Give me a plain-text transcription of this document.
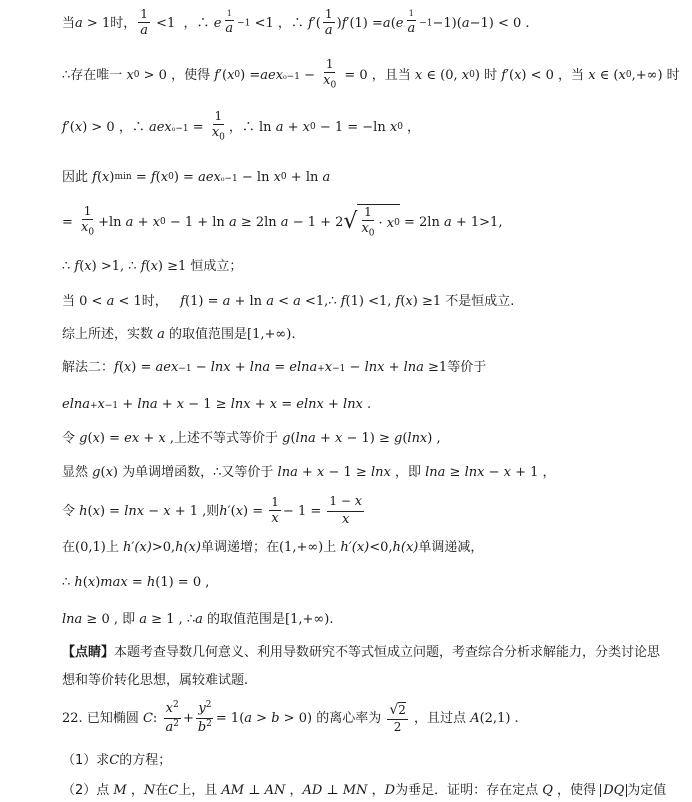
当 a > 1 时， $\frac{1}{a} <1$  ，∴ e $\frac{1}{a} -1 <1$ ，∴ f ′( $\frac{1}{a}$ ) f ′(1) = a ( e $\frac{1}{a} -1 -1$)( a −1) < 0 .
∴ 存在唯一
x 0 > 0 ， 使得
f ′( x 0 ) = a e $x_0-1 - \frac{1}{x_0} = 0$ ， 且当
x ∈ (0, x 0 ) 时
f ′( x ) < 0 ， 当
x ∈ ( x 0 ,+∞) 时
f ′( x ) > 0 ，∴ a e $x_0-1 = \frac{1}{x_0}$ ，∴ ln a + x 0 − 1 = −ln x 0 ，
因此
f ( x ) min = f ( x 0 ) = a e x₀−1 − ln x 0 + ln a
= $\frac{1}{x_0} +\ln$ a + x 0 − 1 + ln a ≥ 2ln a − 1 + 2 √ $\frac{1}{x_0} \cdot x$ 0 = 2ln a + 1>1,
∴ f ( x ) >1, ∴ f ( x ) ≥1 恒成立；
当 0 < a < 1 时，
f (1) = a + ln a < a <1,∴ f (1) <1, f ( x ) ≥1 不是恒成立.
综上所述，实数 a 的取值范围是 [1,+∞).
解法二： f ( x ) = a e x−1 − lnx + lna = e lna+x−1 − lnx + lna ≥1 等价于
e lna+x−1 + lna + x − 1 ≥ lnx + x = e lnx + lnx .
令
g ( x ) = e x + x , 上述不等式等价于
g ( lna + x − 1) ≥ g ( lnx ) ,
显然
g ( x ) 为单调增函数，∴又等价于
lna + x − 1 ≥ lnx ， 即
lna ≥ lnx − x + 1 ，
令
h ( x ) = lnx − x + 1 , 则 h ′( x ) = $\frac{1}{x} - 1 = \frac{1 - x}{x}$
在 (0,1) 上
h′(x) >0, h(x) 单调递增；在 (1,+∞) 上
h′(x) <0, h(x) 单调递减，
∴ h ( x ) max = h (1) = 0 ,
lna ≥ 0 , 即
a ≥ 1 , ∴ a 的取值范围是 [1,+∞).
【点睛】本题考查导数几何意义、利用导数研究不等式恒成立问题，考查综合分析求解能力，分类讨论思
想和等价转化思想，属较难试题.
22. 已知椭圆
C : $\frac{x^2}{a^2} + \frac{y^2}{b^2} = 1$( a > b > 0) 的离心率为
$\frac{√ 2}{2}$ ， 且过点
A (2,1) .
（1）求 C 的方程；
（2）点
M ， N 在 C 上，且
AM ⊥ AN ， AD ⊥ MN ， D 为垂足．证明：存在定点
Q ， 使得
DQ 为定值
